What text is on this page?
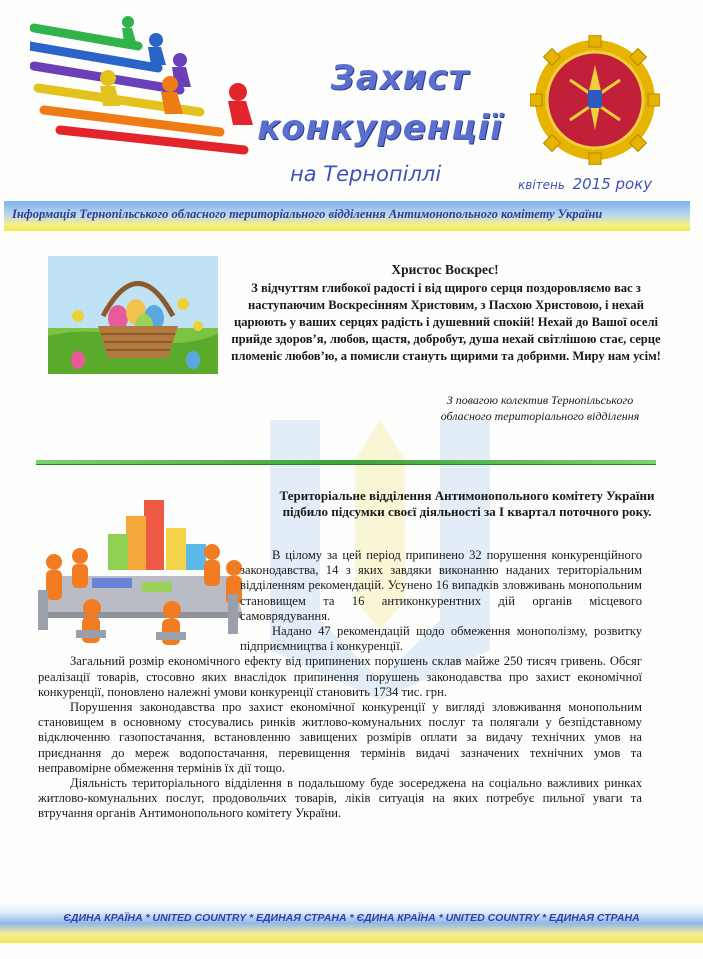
Захист
конкуренції
на Тернопіллі	квітень 2015 року
Інформація Тернопільського обласного територіального відділення Антимонопольного комітету України
Христос Воскрес!
З відчуттям глибокої радості і від щирого серця поздоровляємо вас з наступаючим Воскресінням Христовим, з Пасхою Христовою, і нехай царюють у ваших серцях радість і душевний спокій! Нехай до Вашої оселі прийде здоров’я, любов, щастя, добробут, душа нехай світлішою стає, серце пломеніє любов’ю, а помисли стануть щирими та добрими. Миру нам усім!
З повагою колектив Тернопільського
обласного територіального відділення
Територіальне відділення Антимонопольного комітету України підбило підсумки своєї діяльності за І квартал поточного року.

В цілому за цей період припинено 32 порушення конкуренційного законодавства, 14 з яких завдяки виконанню наданих територіальним відділенням рекомендацій. Усунено 16 випадків зловживань монопольним становищем та 16 антиконкурентних дій органів місцевого самоврядування.

Надано 47 рекомендацій щодо обмеження монополізму, розвитку підприємництва і конкуренції.

Загальний розмір економічного ефекту від припинених порушень склав майже 250 тисяч гривень. Обсяг реалізації товарів, стосовно яких внаслідок припинення порушень законодавства про захист економічної конкуренції, поновлено належні умови конкуренції становить 1734 тис. грн.

Порушення законодавства про захист економічної конкуренції у вигляді зловживання монопольним становищем в основному стосувались ринків житлово-комунальних послуг та полягали у безпідставному відключенню газопостачання, встановленню завищених розмірів оплати за видачу технічних умов на приєднання до мереж водопостачання, перевищення термінів видачі зазначених технічних умов та неправомірне обмеження термінів їх дії тощо.

Діяльність територіального відділення в подальшому буде зосереджена на соціально важливих ринках житлово-комунальних послуг, продовольчих товарів, ліків ситуація на яких потребує пильної уваги та втручання органів Антимонопольного комітету України.

ЄДИНА КРАЇНА * UNITED COUNTRY * ЕДИНАЯ СТРАНА * ЄДИНА КРАЇНА * UNITED COUNTRY * ЕДИНАЯ СТРАНА
